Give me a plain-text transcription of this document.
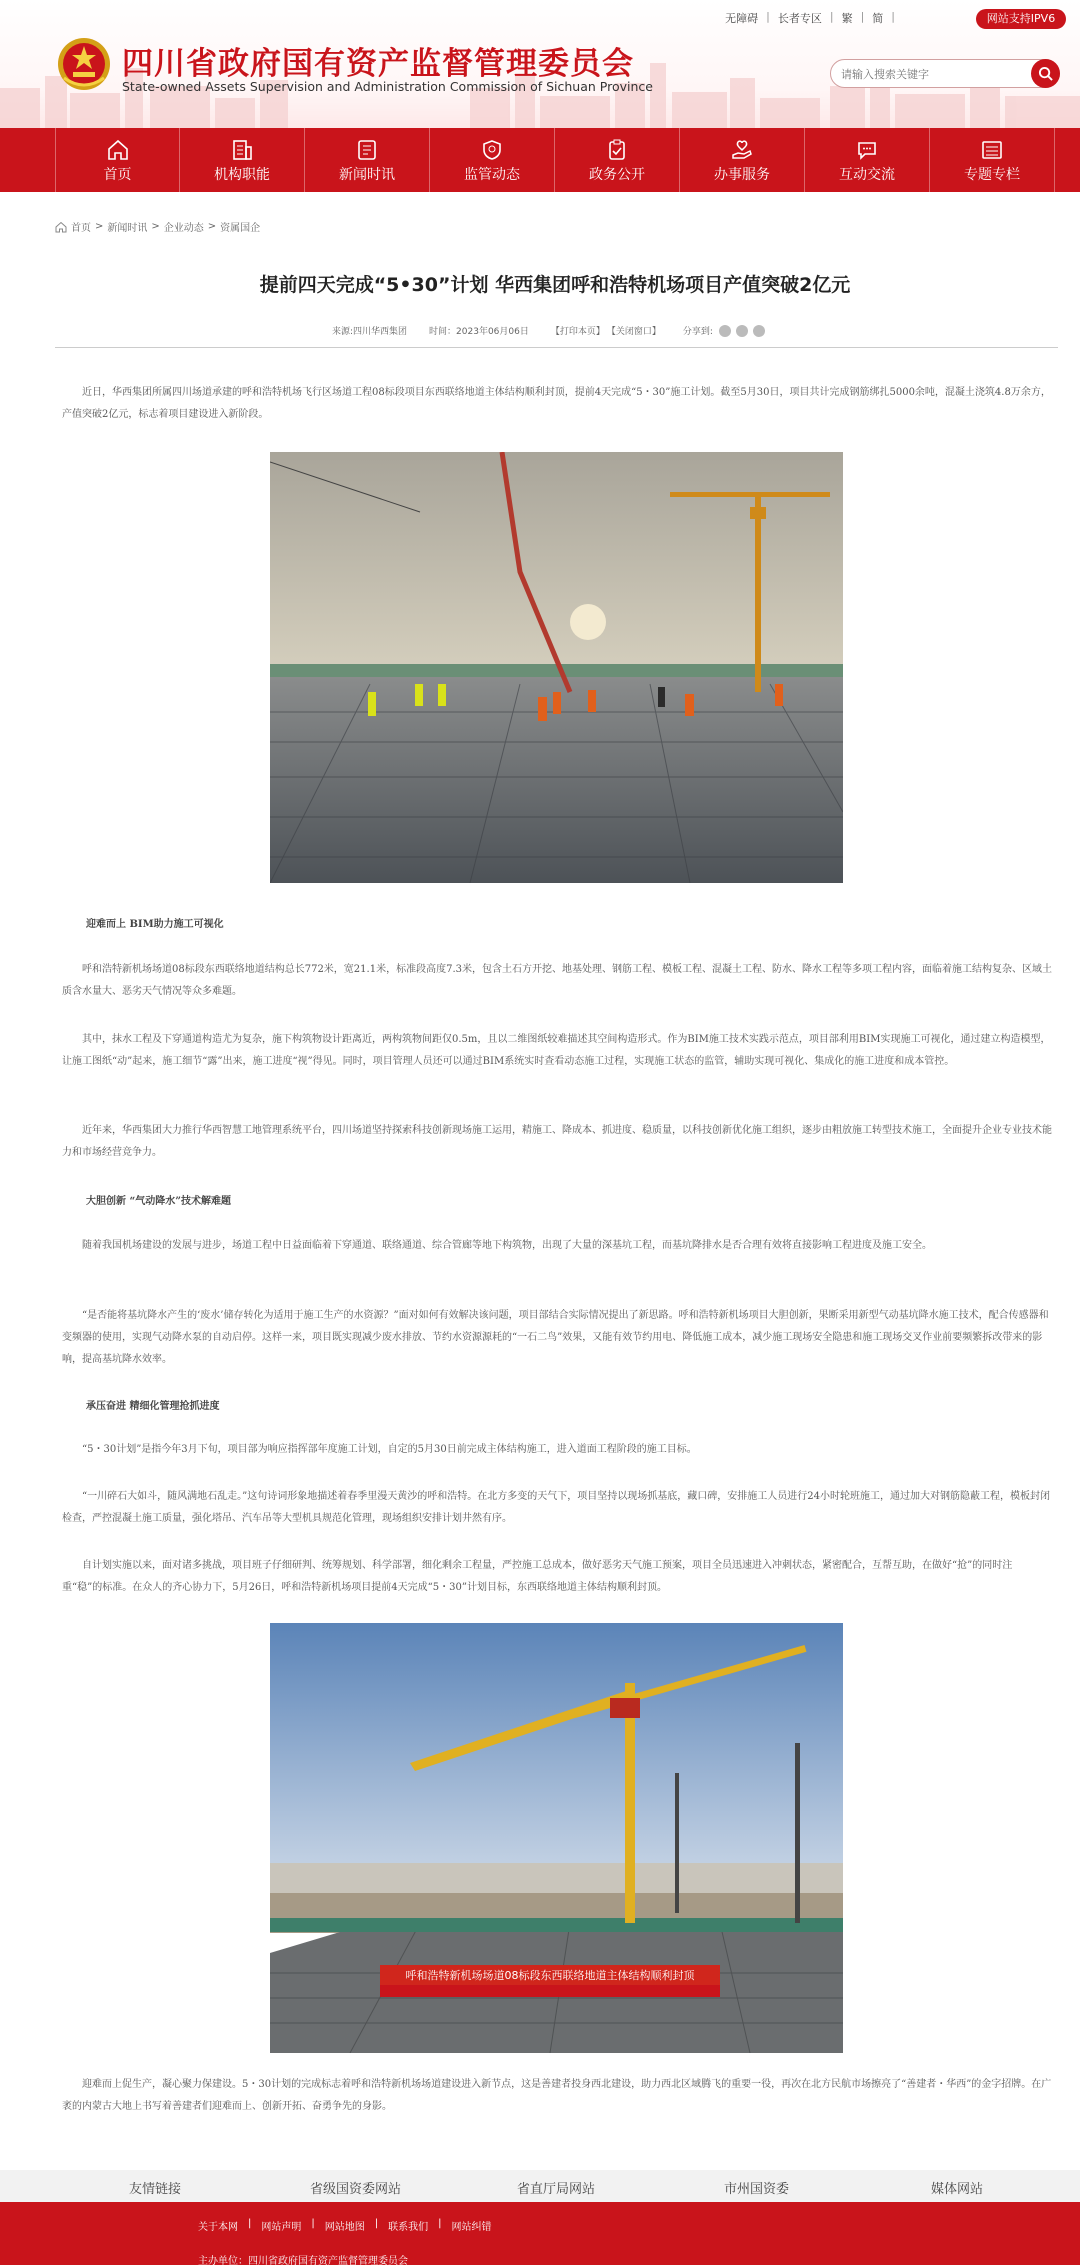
无障碍 | 长者专区 | 繁 | 简 |	网站支持IPV6
四川省政府国有资产监督管理委员会
State-owned Assets Supervision and Administration Commission of Sichuan Province
请输入搜索关键字
首页	机构职能	新闻时讯	监管动态	政务公开	办事服务	互动交流	专题专栏
首页 > 新闻时讯 > 企业动态 > 资属国企
提前四天完成“5•30”计划 华西集团呼和浩特机场项目产值突破2亿元
来源:四川华西集团 时间：2023年06月06日 【打印本页】 【关闭窗口】 分享到:

近日，华西集团所属四川场道承建的呼和浩特机场飞行区场道工程08标段项目东西联络地道主体结构顺利封顶，提前4天完成“5・30”施工计划。截至5月30日，项目共计完成钢筋绑扎5000余吨，混凝土浇筑4.8万余方，产值突破2亿元，标志着项目建设进入新阶段。

迎难而上 BIM助力施工可视化

呼和浩特新机场场道08标段东西联络地道结构总长772米，宽21.1米，标准段高度7.3米，包含土石方开挖、地基处理、钢筋工程、模板工程、混凝土工程、防水、降水工程等多项工程内容，面临着施工结构复杂、区域土质含水量大、恶劣天气情况等众多难题。

其中，抹水工程及下穿通道构造尤为复杂，施下构筑物设计距离近，两构筑物间距仅0.5m，且以二维图纸较难描述其空间构造形式。作为BIM施工技术实践示范点，项目部利用BIM实现施工可视化，通过建立构造模型，让施工图纸“动”起来，施工细节“露”出来，施工进度“视”得见。同时，项目管理人员还可以通过BIM系统实时查看动态施工过程，实现施工状态的监管，辅助实现可视化、集成化的施工进度和成本管控。

近年来，华西集团大力推行华西智慧工地管理系统平台，四川场道坚持探索科技创新现场施工运用，精施工、降成本、抓进度、稳质量，以科技创新优化施工组织，逐步由粗放施工转型技术施工，全面提升企业专业技术能力和市场经营竞争力。

大胆创新 “气动降水”技术解难题

随着我国机场建设的发展与进步，场道工程中日益面临着下穿通道、联络通道、综合管廊等地下构筑物，出现了大量的深基坑工程，而基坑降排水是否合理有效将直接影响工程进度及施工安全。

“是否能将基坑降水产生的‘废水’储存转化为适用于施工生产的水资源？”面对如何有效解决该问题，项目部结合实际情况提出了新思路。呼和浩特新机场项目大胆创新，果断采用新型气动基坑降水施工技术，配合传感器和变频器的使用，实现气动降水泵的自动启停。这样一来，项目既实现减少废水排放、节约水资源源耗的“一石二鸟”效果，又能有效节约用电、降低施工成本，减少施工现场安全隐患和施工现场交叉作业前要频繁拆改带来的影响，提高基坑降水效率。

承压奋进 精细化管理抢抓进度

“5・30计划”是指今年3月下旬，项目部为响应指挥部年度施工计划，自定的5月30日前完成主体结构施工，进入道面工程阶段的施工目标。

“一川碎石大如斗，随风满地石乱走。”这句诗词形象地描述着春季里漫天黄沙的呼和浩特。在北方多变的天气下，项目坚持以现场抓基底，藏口碑，安排施工人员进行24小时轮班施工，通过加大对钢筋隐蔽工程，模板封闭检查，严控混凝土施工质量，强化塔吊、汽车吊等大型机具规范化管理，现场组织安排计划井然有序。

自计划实施以来，面对诸多挑战，项目班子仔细研判、统筹规划、科学部署，细化剩余工程量，严控施工总成本，做好恶劣天气施工预案，项目全员迅速进入冲刺状态，紧密配合，互帮互助，在做好“抢”的同时注重“稳”的标准。在众人的齐心协力下，5月26日，呼和浩特新机场项目提前4天完成“5・30”计划目标，东西联络地道主体结构顺利封顶。

呼和浩特新机场场道08标段东西联络地道主体结构顺利封顶

迎难而上促生产，凝心聚力保建设。5・30计划的完成标志着呼和浩特新机场场道建设进入新节点，这是善建者投身西北建设，助力西北区域腾飞的重要一役，再次在北方民航市场擦亮了“善建者・华西”的金字招牌。在广袤的内蒙古大地上书写着善建者们迎难而上、创新开拓、奋勇争先的身影。

友情链接	省级国资委网站	省直厅局网站	市州国资委	媒体网站
关于本网 | 网站声明 | 网站地图 | 联系我们 | 网站纠错
主办单位：四川省政府国有资产监督管理委员会
